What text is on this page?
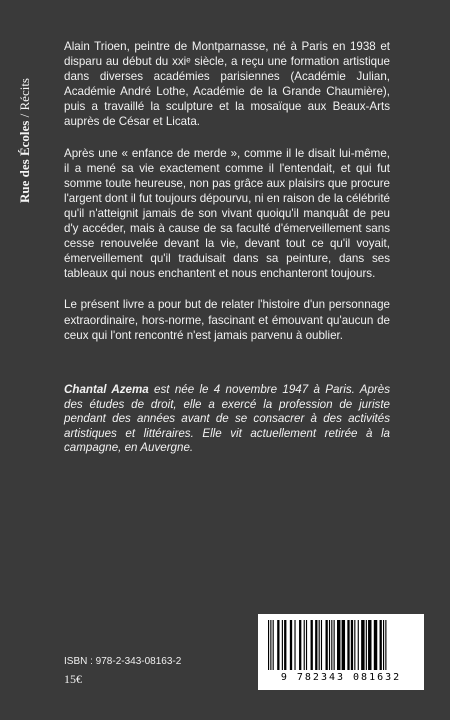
Rue des Écoles / Récits

Alain Trioen, peintre de Montparnasse, né à Paris en 1938 et disparu au début du xxiᵉ siècle, a reçu une formation artistique dans diverses académies parisiennes (Académie Julian, Académie André Lothe, Académie de la Grande Chaumière), puis a travaillé la sculpture et la mosaïque aux Beaux-Arts auprès de César et Licata.

Après une « enfance de merde », comme il le disait lui-même, il a mené sa vie exactement comme il l'entendait, et qui fut somme toute heureuse, non pas grâce aux plaisirs que procure l'argent dont il fut toujours dépourvu, ni en raison de la célébrité qu'il n'atteignit jamais de son vivant quoiqu'il manquât de peu d'y accéder, mais à cause de sa faculté d'émerveillement sans cesse renouvelée devant la vie, devant tout ce qu'il voyait, émerveillement qu'il traduisait dans sa peinture, dans ses tableaux qui nous enchantent et nous enchanteront toujours.

Le présent livre a pour but de relater l'histoire d'un personnage extraordinaire, hors-norme, fascinant et émouvant qu'aucun de ceux qui l'ont rencontré n'est jamais parvenu à oublier.

Chantal Azema est née le 4 novembre 1947 à Paris. Après des études de droit, elle a exercé la profession de juriste pendant des années avant de se consacrer à des activités artistiques et littéraires. Elle vit actuellement retirée à la campagne, en Auvergne.
9 782343 081632
ISBN : 978-2-343-08163-2
15€
